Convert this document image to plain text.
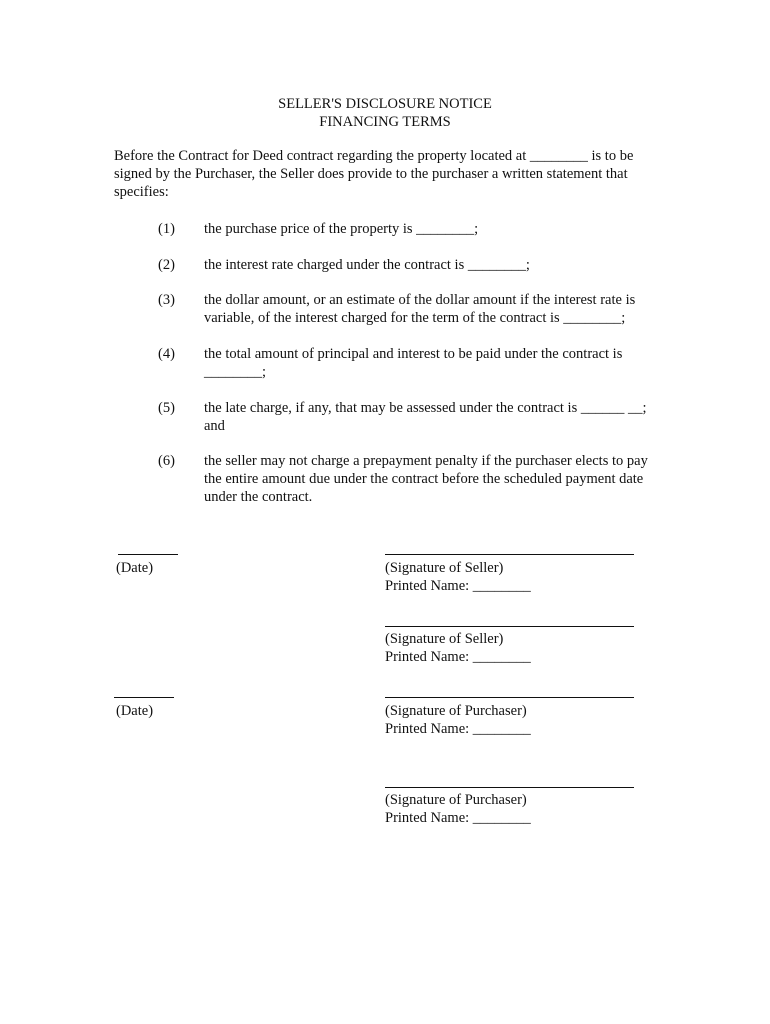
SELLER'S DISCLOSURE NOTICE
FINANCING TERMS
Before the Contract for Deed contract regarding the property located at ________ is to be signed by the Purchaser, the Seller does provide to the purchaser a written statement that specifies:
(1) the purchase price of the property is ________;
(2) the interest rate charged under the contract is ________;
(3) the dollar amount, or an estimate of the dollar amount if the interest rate is variable, of the interest charged for the term of the contract is ________;
(4) the total amount of principal and interest to be paid under the contract is ________;
(5) the late charge, if any, that may be assessed under the contract is ______ __; and
(6) the seller may not charge a prepayment penalty if the purchaser elects to pay the entire amount due under the contract before the scheduled payment date under the contract.
(Date)	(Signature of Seller)
Printed Name: ________
(Signature of Seller)
Printed Name: ________
(Date)	(Signature of Purchaser)
Printed Name: ________
(Signature of Purchaser)
Printed Name: ________
